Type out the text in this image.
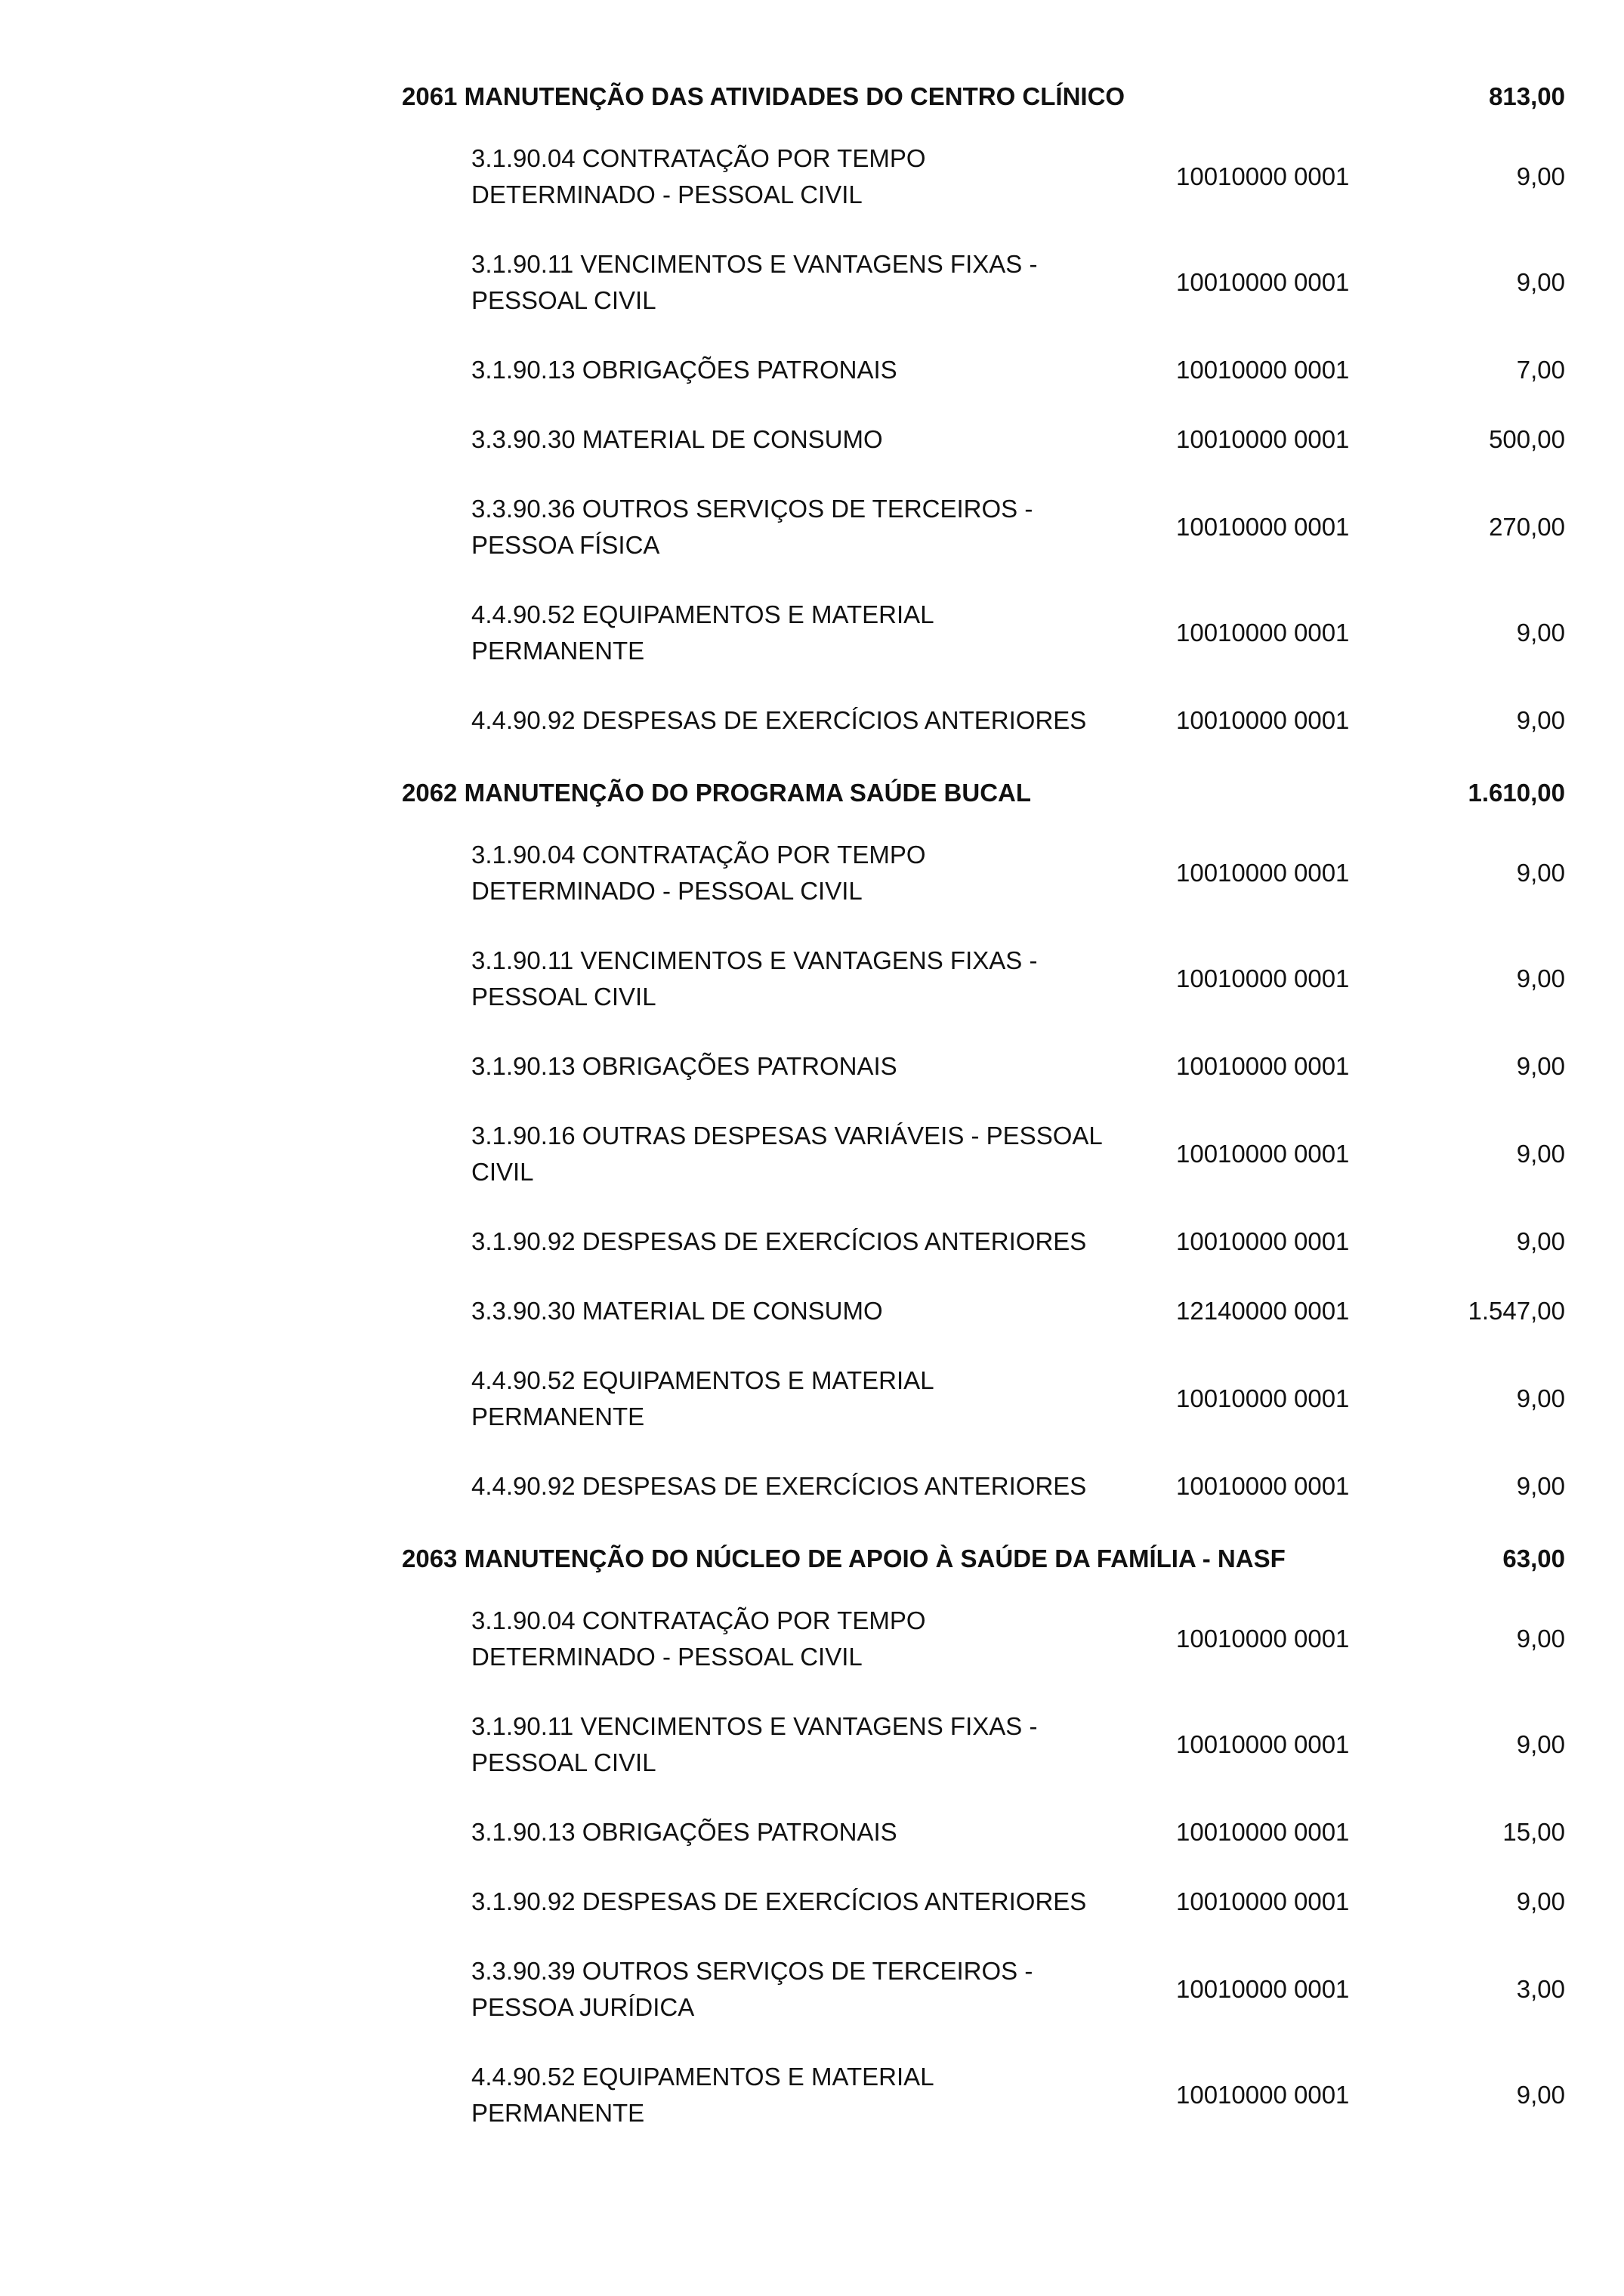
2061 MANUTENÇÃO DAS ATIVIDADES DO CENTRO CLÍNICO	813,00
3.1.90.04 CONTRATAÇÃO POR TEMPO
DETERMINADO - PESSOAL CIVIL
10010000 0001	9,00
3.1.90.11 VENCIMENTOS E VANTAGENS FIXAS -
PESSOAL CIVIL
10010000 0001	9,00
3.1.90.13 OBRIGAÇÕES PATRONAIS	10010000 0001	7,00
3.3.90.30 MATERIAL DE CONSUMO	10010000 0001	500,00
3.3.90.36 OUTROS SERVIÇOS DE TERCEIROS -
PESSOA FÍSICA
10010000 0001	270,00
4.4.90.52 EQUIPAMENTOS E MATERIAL
PERMANENTE
10010000 0001	9,00
4.4.90.92 DESPESAS DE EXERCÍCIOS ANTERIORES	10010000 0001	9,00
2062 MANUTENÇÃO DO PROGRAMA SAÚDE BUCAL	1.610,00
3.1.90.04 CONTRATAÇÃO POR TEMPO
DETERMINADO - PESSOAL CIVIL
10010000 0001	9,00
3.1.90.11 VENCIMENTOS E VANTAGENS FIXAS -
PESSOAL CIVIL
10010000 0001	9,00
3.1.90.13 OBRIGAÇÕES PATRONAIS	10010000 0001	9,00
3.1.90.16 OUTRAS DESPESAS VARIÁVEIS - PESSOAL
CIVIL
10010000 0001	9,00
3.1.90.92 DESPESAS DE EXERCÍCIOS ANTERIORES	10010000 0001	9,00
3.3.90.30 MATERIAL DE CONSUMO	12140000 0001	1.547,00
4.4.90.52 EQUIPAMENTOS E MATERIAL
PERMANENTE
10010000 0001	9,00
4.4.90.92 DESPESAS DE EXERCÍCIOS ANTERIORES	10010000 0001	9,00
2063 MANUTENÇÃO DO NÚCLEO DE APOIO À SAÚDE DA FAMÍLIA - NASF	63,00
3.1.90.04 CONTRATAÇÃO POR TEMPO
DETERMINADO - PESSOAL CIVIL
10010000 0001	9,00
3.1.90.11 VENCIMENTOS E VANTAGENS FIXAS -
PESSOAL CIVIL
10010000 0001	9,00
3.1.90.13 OBRIGAÇÕES PATRONAIS	10010000 0001	15,00
3.1.90.92 DESPESAS DE EXERCÍCIOS ANTERIORES	10010000 0001	9,00
3.3.90.39 OUTROS SERVIÇOS DE TERCEIROS -
PESSOA JURÍDICA
10010000 0001	3,00
4.4.90.52 EQUIPAMENTOS E MATERIAL
PERMANENTE
10010000 0001	9,00
